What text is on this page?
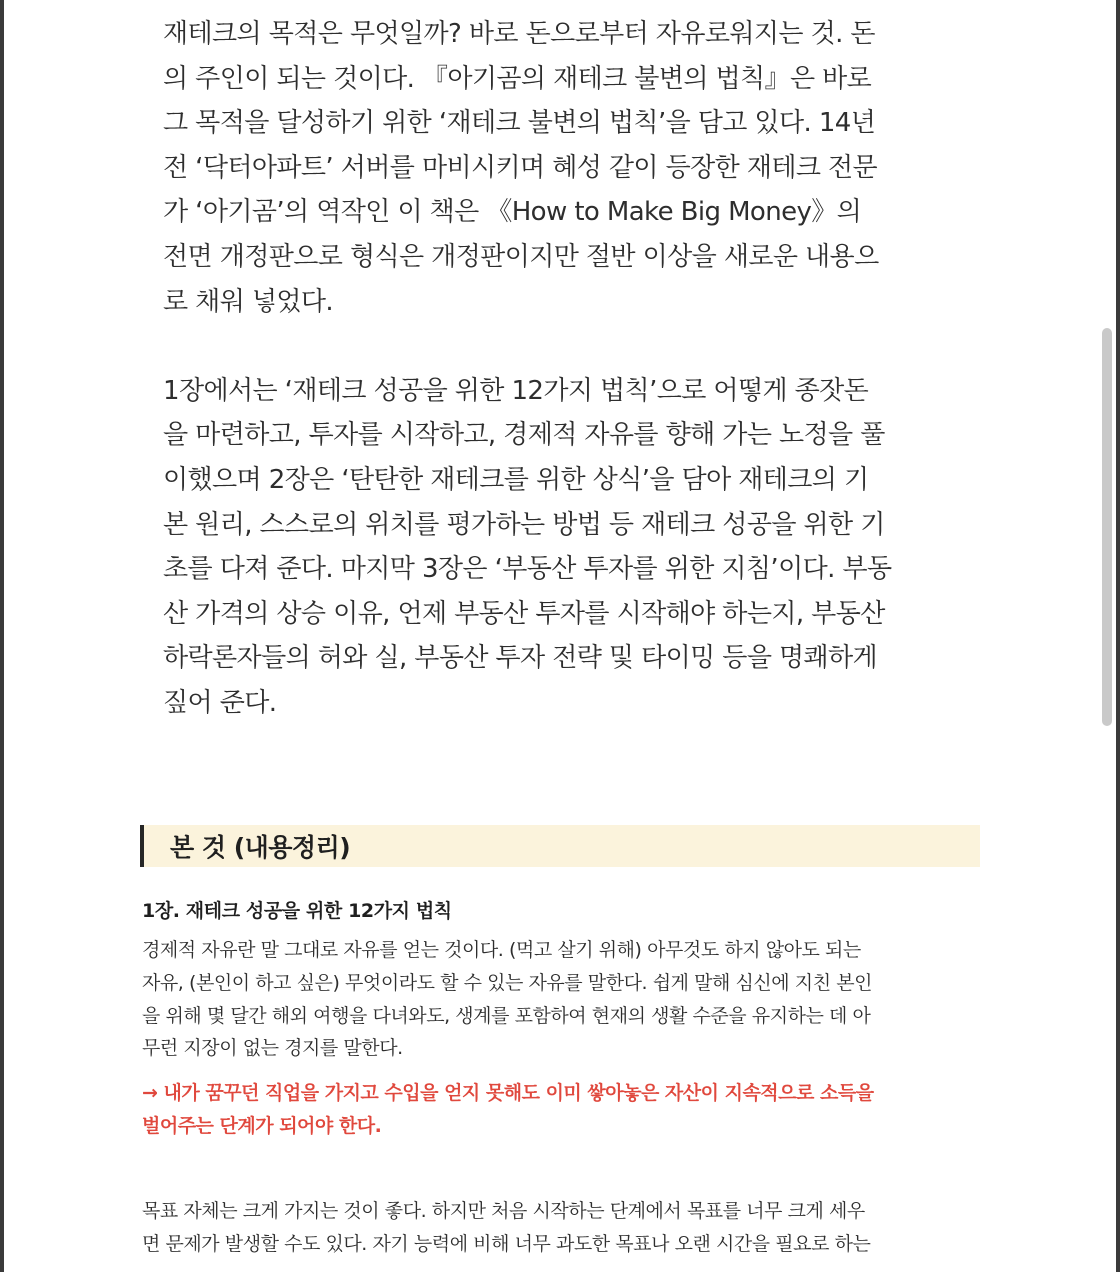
재테크의 목적은 무엇일까? 바로 돈으로부터 자유로워지는 것. 돈

의 주인이 되는 것이다. 『아기곰의 재테크 불변의 법칙』은 바로

그 목적을 달성하기 위한 ‘재테크 불변의 법칙’을 담고 있다. 14년

전 ‘닥터아파트’ 서버를 마비시키며 혜성 같이 등장한 재테크 전문

가 ‘아기곰’의 역작인 이 책은 《How to Make Big Money》의

전면 개정판으로 형식은 개정판이지만 절반 이상을 새로운 내용으

로 채워 넣었다.

1장에서는 ‘재테크 성공을 위한 12가지 법칙’으로 어떻게 종잣돈

을 마련하고, 투자를 시작하고, 경제적 자유를 향해 가는 노정을 풀

이했으며 2장은 ‘탄탄한 재테크를 위한 상식’을 담아 재테크의 기

본 원리, 스스로의 위치를 평가하는 방법 등 재테크 성공을 위한 기

초를 다져 준다. 마지막 3장은 ‘부동산 투자를 위한 지침’이다. 부동

산 가격의 상승 이유, 언제 부동산 투자를 시작해야 하는지, 부동산

하락론자들의 허와 실, 부동산 투자 전략 및 타이밍 등을 명쾌하게

짚어 준다.

본 것 (내용정리)
1장. 재테크 성공을 위한 12가지 법칙

경제적 자유란 말 그대로 자유를 얻는 것이다. (먹고 살기 위해) 아무것도 하지 않아도 되는

자유, (본인이 하고 싶은) 무엇이라도 할 수 있는 자유를 말한다. 쉽게 말해 심신에 지친 본인

을 위해 몇 달간 해외 여행을 다녀와도, 생계를 포함하여 현재의 생활 수준을 유지하는 데 아

무런 지장이 없는 경지를 말한다.

→ 내가 꿈꾸던 직업을 가지고 수입을 얻지 못해도 이미 쌓아놓은 자산이 지속적으로 소득을

벌어주는 단계가 되어야 한다.

목표 자체는 크게 가지는 것이 좋다. 하지만 처음 시작하는 단계에서 목표를 너무 크게 세우

면 문제가 발생할 수도 있다. 자기 능력에 비해 너무 과도한 목표나 오랜 시간을 필요로 하는
